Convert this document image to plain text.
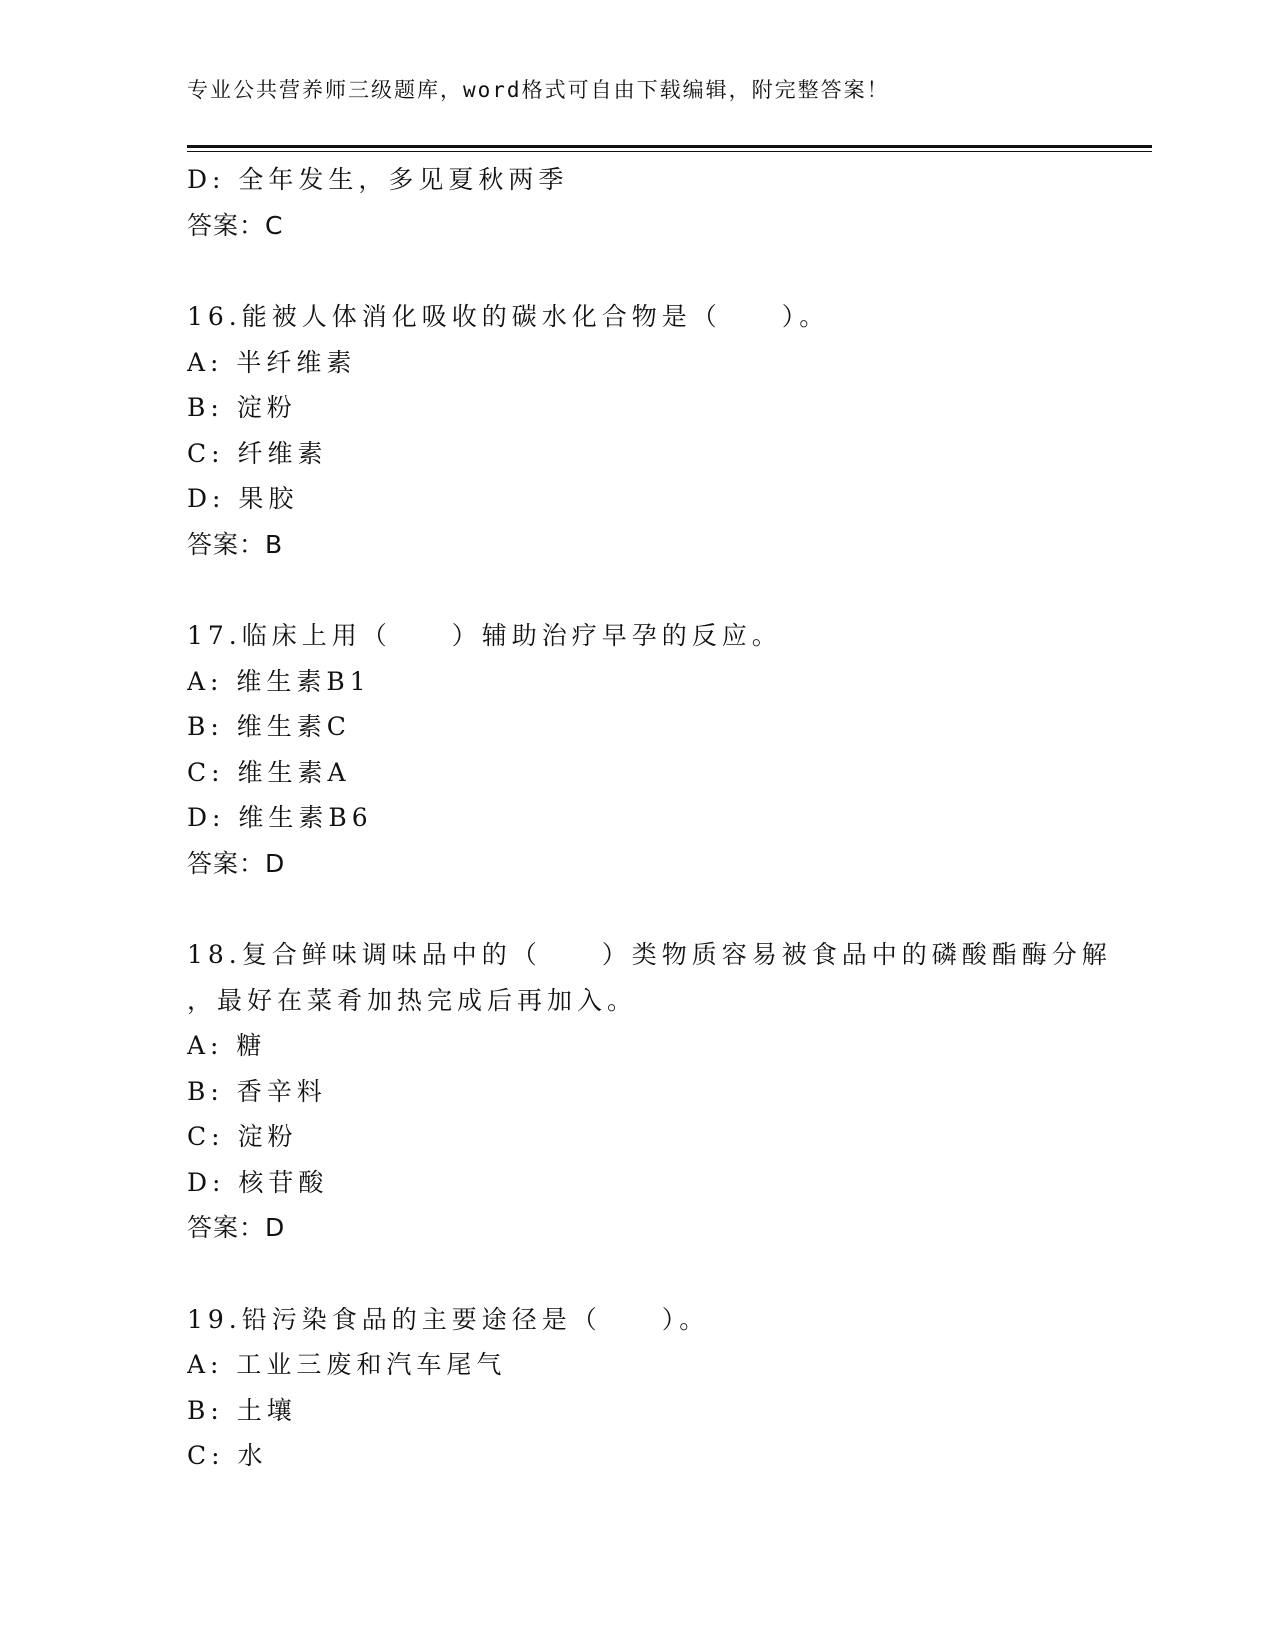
专业公共营养师三级题库，word格式可自由下载编辑，附完整答案！
D: 全年发生，多见夏秋两季
答案：C
16.能被人体消化吸收的碳水化合物是（　　）。
A: 半纤维素
B: 淀粉
C: 纤维素
D: 果胶
答案：B
17.临床上用（　　）辅助治疗早孕的反应。
A: 维生素B1
B: 维生素C
C: 维生素A
D: 维生素B6
答案：D
18.复合鲜味调味品中的（　　）类物质容易被食品中的磷酸酯酶分解
，最好在菜肴加热完成后再加入。
A: 糖
B: 香辛料
C: 淀粉
D: 核苷酸
答案：D
19.铅污染食品的主要途径是（　　）。
A: 工业三废和汽车尾气
B: 土壤
C: 水
